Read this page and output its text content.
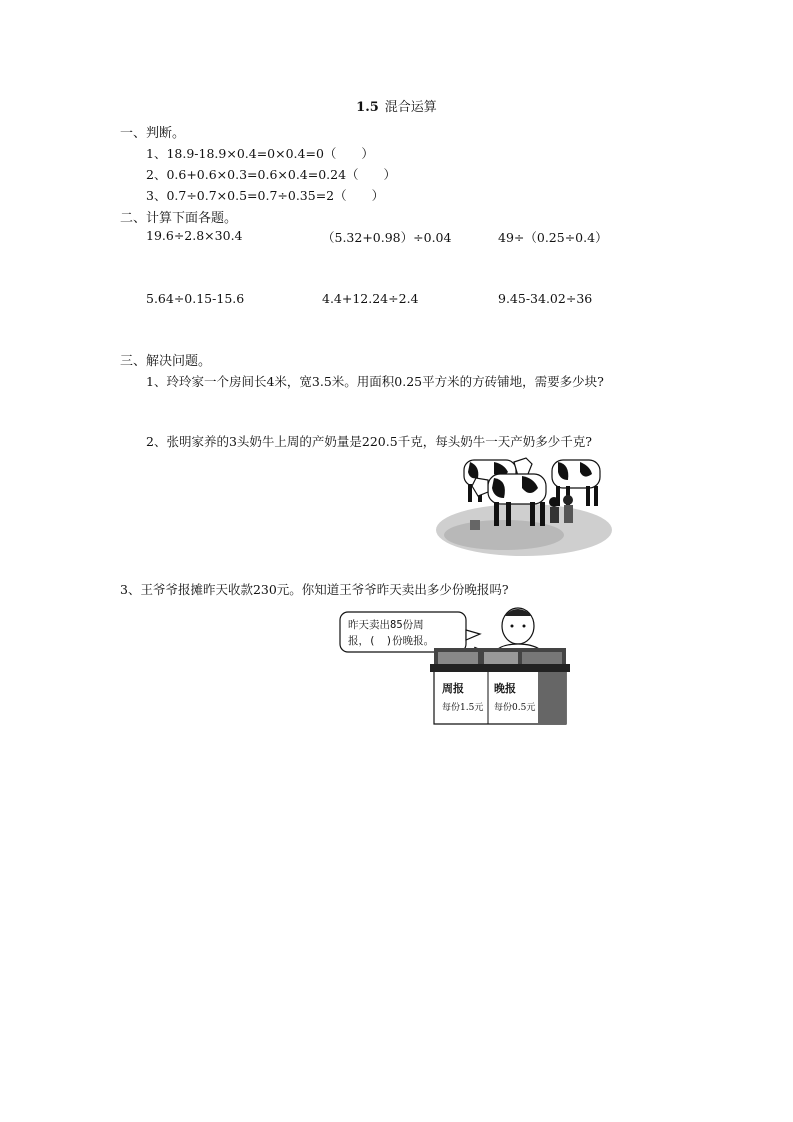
1.5 混合运算
一、判断。
1、18.9-18.9×0.4=0×0.4=0（　　）
2、0.6+0.6×0.3=0.6×0.4=0.24（　　）
3、0.7÷0.7×0.5=0.7÷0.35=2（　　）
二、计算下面各题。
19.6÷2.8×30.4	（5.32+0.98）÷0.04	49÷（0.25÷0.4）
5.64÷0.15-15.6	4.4+12.24÷2.4	9.45-34.02÷36
三、解决问题。
1、玲玲家一个房间长4米，宽3.5米。用面积0.25平方米的方砖铺地，需要多少块?
2、张明家养的3头奶牛上周的产奶量是220.5千克，每头奶牛一天产奶多少千克?
3、王爷爷报摊昨天收款230元。你知道王爷爷昨天卖出多少份晚报吗?
昨天卖出85份周
报，(　)份晚报。
周报
每份1.5元
晚报
每份0.5元
